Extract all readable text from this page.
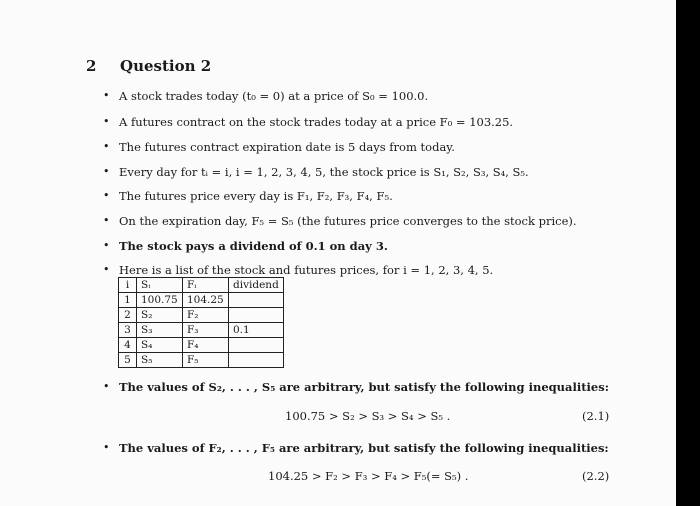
2 Question 2
• A stock trades today (t₀ = 0) at a price of S₀ = 100.0.
• A futures contract on the stock trades today at a price F₀ = 103.25.
• The futures contract expiration date is 5 days from today.
• Every day for tᵢ = i, i = 1, 2, 3, 4, 5, the stock price is S₁, S₂, S₃, S₄, S₅.
• The futures price every day is F₁, F₂, F₃, F₄, F₅.
• On the expiration day, F₅ = S₅ (the futures price converges to the stock price).
• The stock pays a dividend of 0.1 on day 3.
• Here is a list of the stock and futures prices, for i = 1, 2, 3, 4, 5.
i	Sᵢ	Fᵢ	dividend
1	100.75	104.25	
2	S₂	F₂	
3	S₃	F₃	0.1
4	S₄	F₄	
5	S₅	F₅	
• The values of S₂, . . . , S₅ are arbitrary, but satisfy the following inequalities:
100.75 > S₂ > S₃ > S₄ > S₅ .	(2.1)
• The values of F₂, . . . , F₅ are arbitrary, but satisfy the following inequalities:
104.25 > F₂ > F₃ > F₄ > F₅(= S₅) .	(2.2)
